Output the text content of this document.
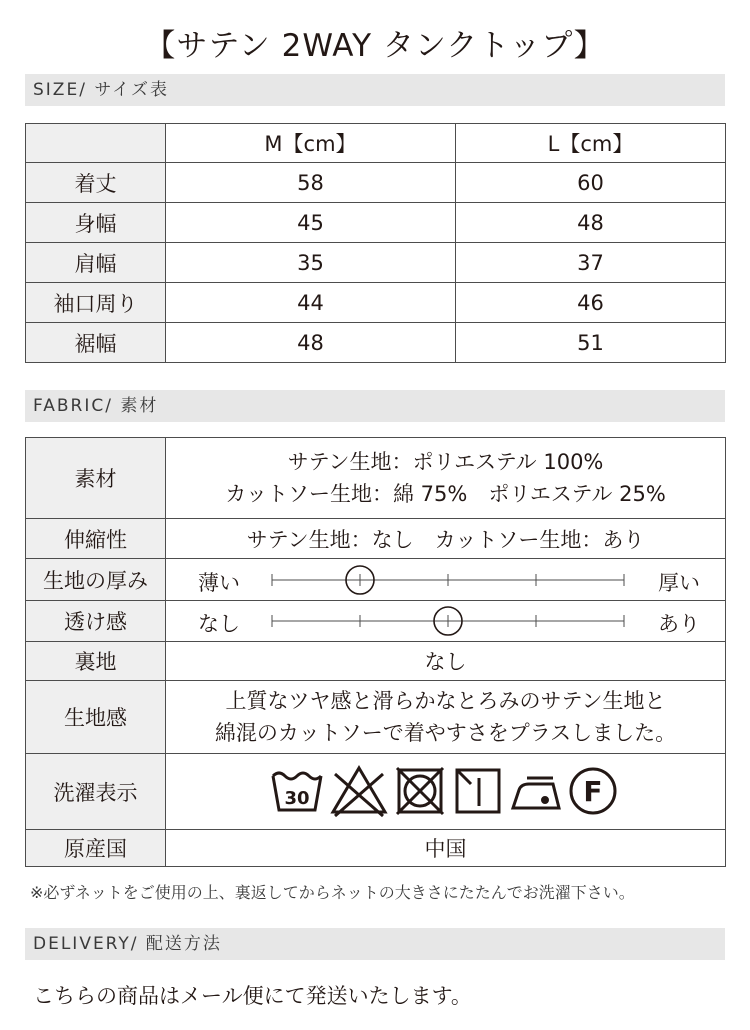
【サテン 2WAY タンクトップ】
SIZE/ サイズ表
	M【cm】	L【cm】
着丈	58	60
身幅	45	48
肩幅	35	37
袖口周り	44	46
裾幅	48	51
FABRIC/ 素材
素材	サテン生地：ポリエステル 100%
カットソー生地：綿 75%　ポリエステル 25%

伸縮性	サテン生地：なし　カットソー生地：あり
生地の厚み	薄い 厚い

透け感	なし あり

裏地	なし
生地感	上質なツヤ感と滑らかなとろみのサテン生地と
綿混のカットソーで着やすさをプラスしました。

洗濯表示	30 F

原産国	中国
※必ずネットをご使用の上、裏返してからネットの大きさにたたんでお洗濯下さい。
DELIVERY/ 配送方法
こちらの商品はメール便にて発送いたします。
